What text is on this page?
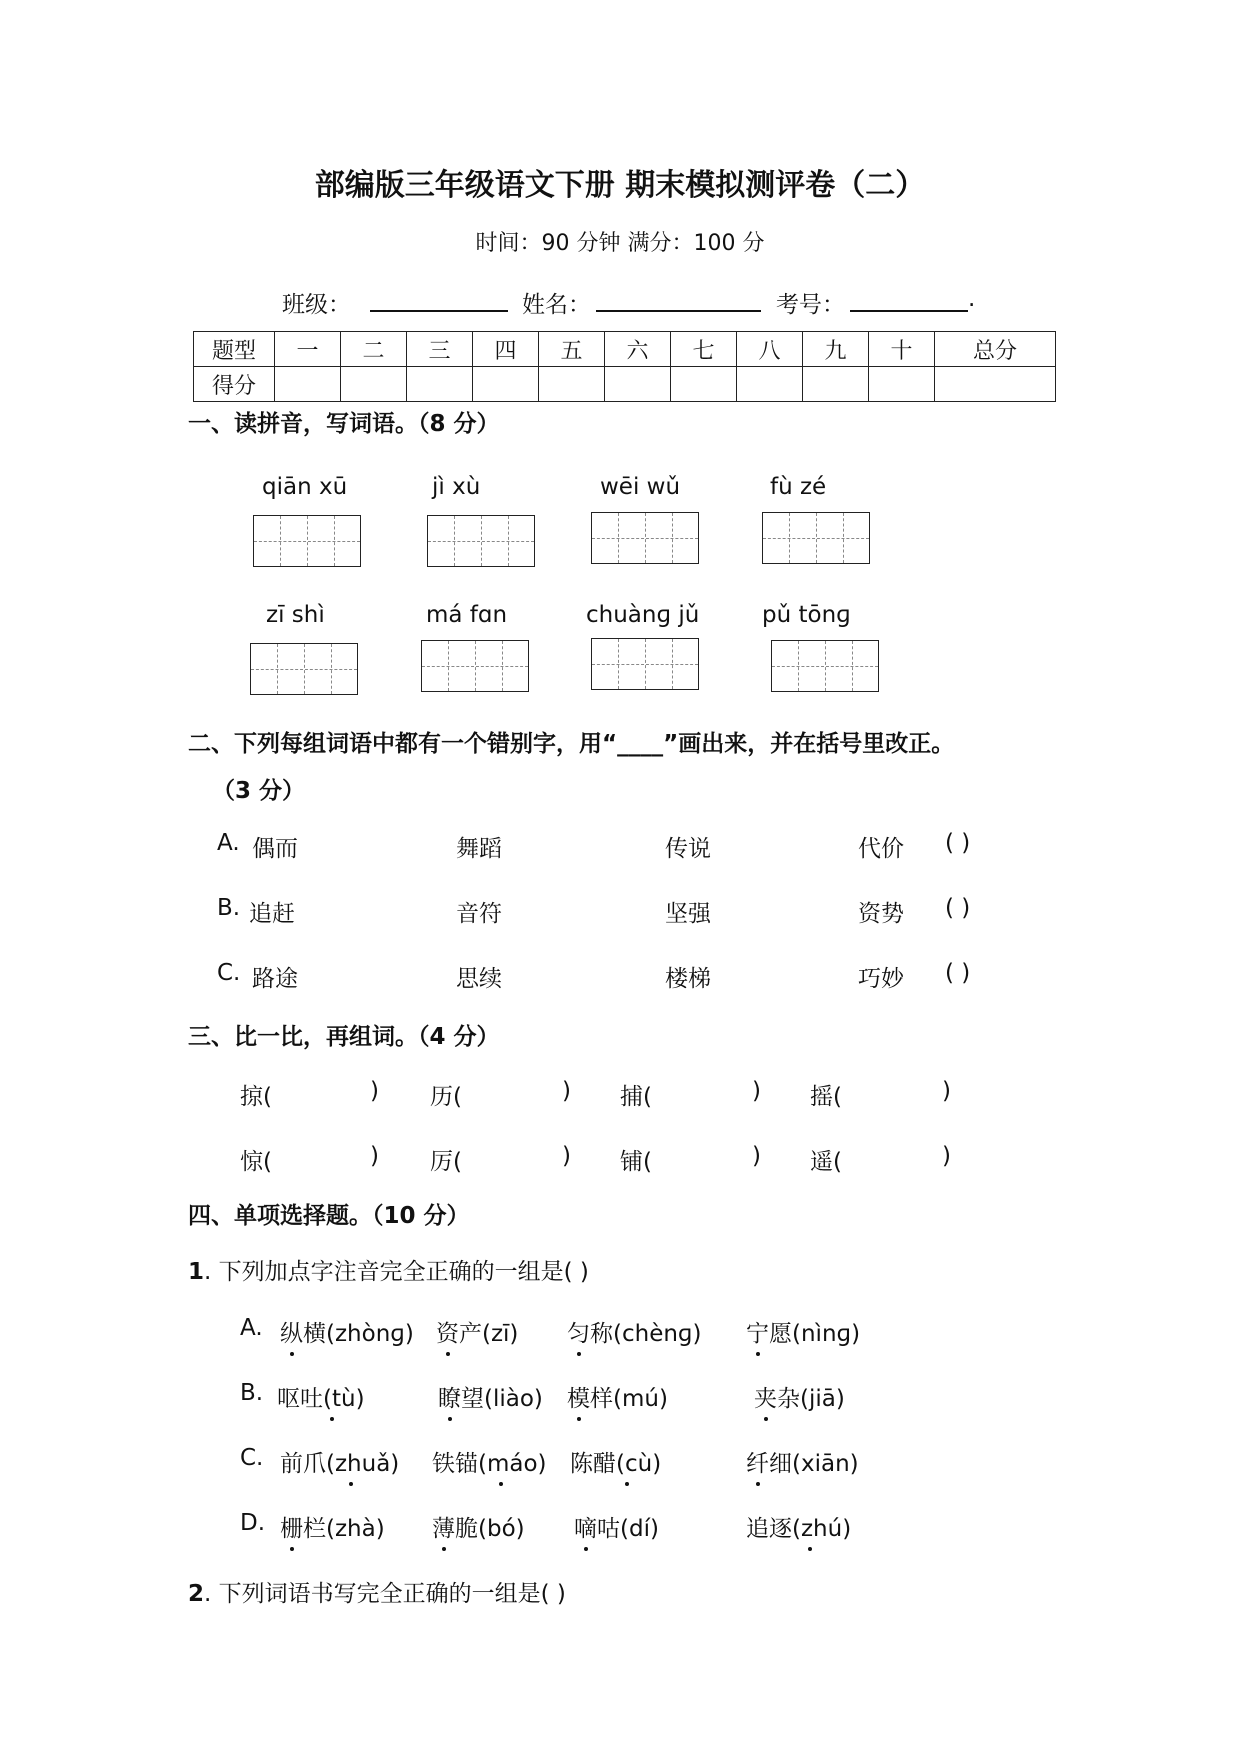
部编版三年级语文下册 期末模拟测评卷（二）
时间：90 分钟 满分：100 分
班级：	姓名：	考号：	.
题型	一	二	三	四	五	六	七	八	九	十	总分
得分											
一、读拼音，写词语。（8 分）
qiān xū	jì xù	wēi wǔ	fù zé
zī shì	má fɑn	chuànɡ jǔ	pǔ tōnɡ
二、下列每组词语中都有一个错别字，用“____”画出来，并在括号里改正。
（3 分）
A. 偶而	舞蹈	传说	代价 ( )
B. 追赶	音符	坚强	资势 ( )
C. 路途	思续	楼梯	巧妙 ( )
三、比一比，再组词。（4 分）
掠(	) 历(	) 捕(	) 摇(	)
惊(	) 厉(	) 铺(	) 遥(	)
四、单项选择题。（10 分）
1. 下列加点字注音完全正确的一组是( )
A. 纵横(zhònɡ) 资产(zī) 匀称(chènɡ) 宁愿(nìnɡ)
B. 呕吐(tù)	瞭望(liào) 模样(mú)	夹杂(jiā)
C. 前爪(zhuǎ) 铁锚(máo) 陈醋(cù)	纤细(xiān)
D. 栅栏(zhà) 薄脆(bó) 嘀咕(dí)	追逐(zhú)
2. 下列词语书写完全正确的一组是( )
